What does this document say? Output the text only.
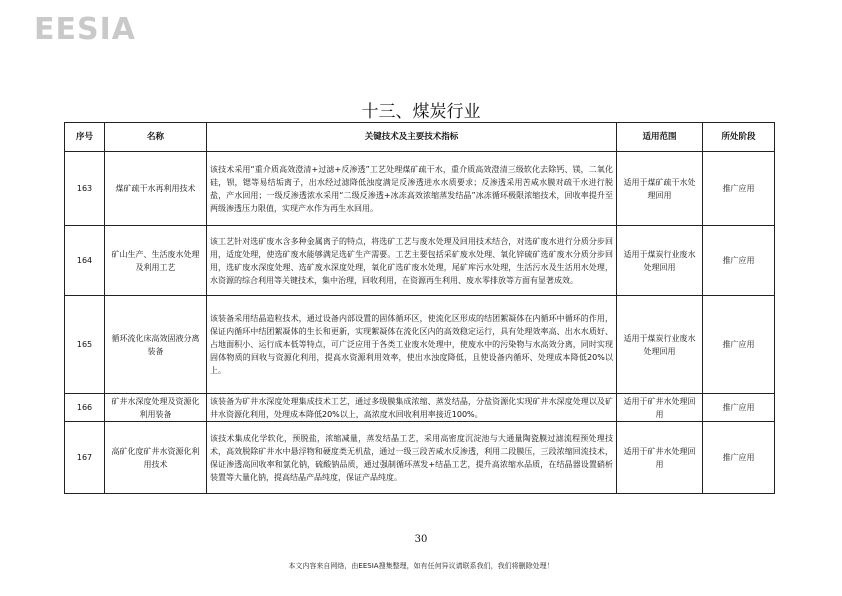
EESIA
十三、煤炭行业
序号	名称	关键技术及主要技术指标	适用范围	所处阶段
163	煤矿疏干水再利用技术	该技术采用“重介质高效澄清+过滤+反渗透”工艺处理煤矿疏干水，重介质高效澄清三级软化去除钙、镁，二氧化硅，钡，锶等易结垢离子，出水经过滤降低浊度满足反渗透进水水质要求；反渗透采用苦咸水膜对疏干水进行脱盐，产水回用；一级反渗透浓水采用“二级反渗透+冰冻高效浓缩蒸发结晶”冰冻循环极限浓缩技术，回收率提升至两级渗透压力限值，实现产水作为再生水回用。	适用于煤矿疏干水处理回用	推广应用
164	矿山生产、生活废水处理及利用工艺	该工艺针对选矿废水含多种金属离子的特点，将选矿工艺与废水处理及回用技术结合，对选矿废水进行分质分步回用，适度处理，使选矿废水能够满足选矿生产需要。工艺主要包括采矿废水处理、氧化锌硫矿选矿废水分质分步回用，选矿废水深度处理、选矿废水深度处理，氧化矿选矿废水处理，尾矿库污水处理，生活污水及生活用水处理，水资源的综合利用等关键技术，集中治理，回收利用，在资源再生利用、废水零排放等方面有显著成效。	适用于煤炭行业废水处理回用	推广应用
165	循环流化床高效固液分离装备	该装备采用结晶造粒技术，通过设备内部设置的固体循环区，使流化区形成的结团絮凝体在内循环中循环的作用，保证内循环中结团絮凝体的生长和更新，实现絮凝体在流化区内的高效稳定运行，具有处理效率高、出水水质好、占地面积小、运行成本低等特点，可广泛应用于各类工业废水处理中，使废水中的污染物与水高效分离，同时实现固体物质的回收与资源化利用，提高水资源利用效率，使出水浊度降低，且使设备内循环、处理成本降低20%以上。	适用于煤炭行业废水处理回用	推广应用
166	矿井水深度处理及资源化利用装备	该装备为矿井水深度处理集成技术工艺，通过多级膜集成浓缩、蒸发结晶，分盐资源化实现矿井水深度处理以及矿井水资源化利用，处理成本降低20%以上，高浓度水回收利用率接近100%。	适用于矿井水处理回用	推广应用
167	高矿化度矿井水资源化利用技术	该技术集成化学软化，预脱盐，浓缩减量，蒸发结晶工艺，采用高密度沉淀池与大通量陶瓷膜过滤流程预处理技术，高效脱除矿井水中悬浮物和硬度类无机盐，通过一级三段苦咸水反渗透，利用二段膜压，三段浓缩回流技术，保证渗透高回收率和氯化钠，硫酸钠品质，通过强制循环蒸发+结晶工艺，提升高浓缩水品质，在结晶器设置硝析装置等大量化钠，提高结晶产品纯度，保证产品纯度。	适用于矿井水处理回用	推广应用
30
本文内容来自网络，由EESIA搜集整理，如有任何异议请联系我们，我们将删除处理！
